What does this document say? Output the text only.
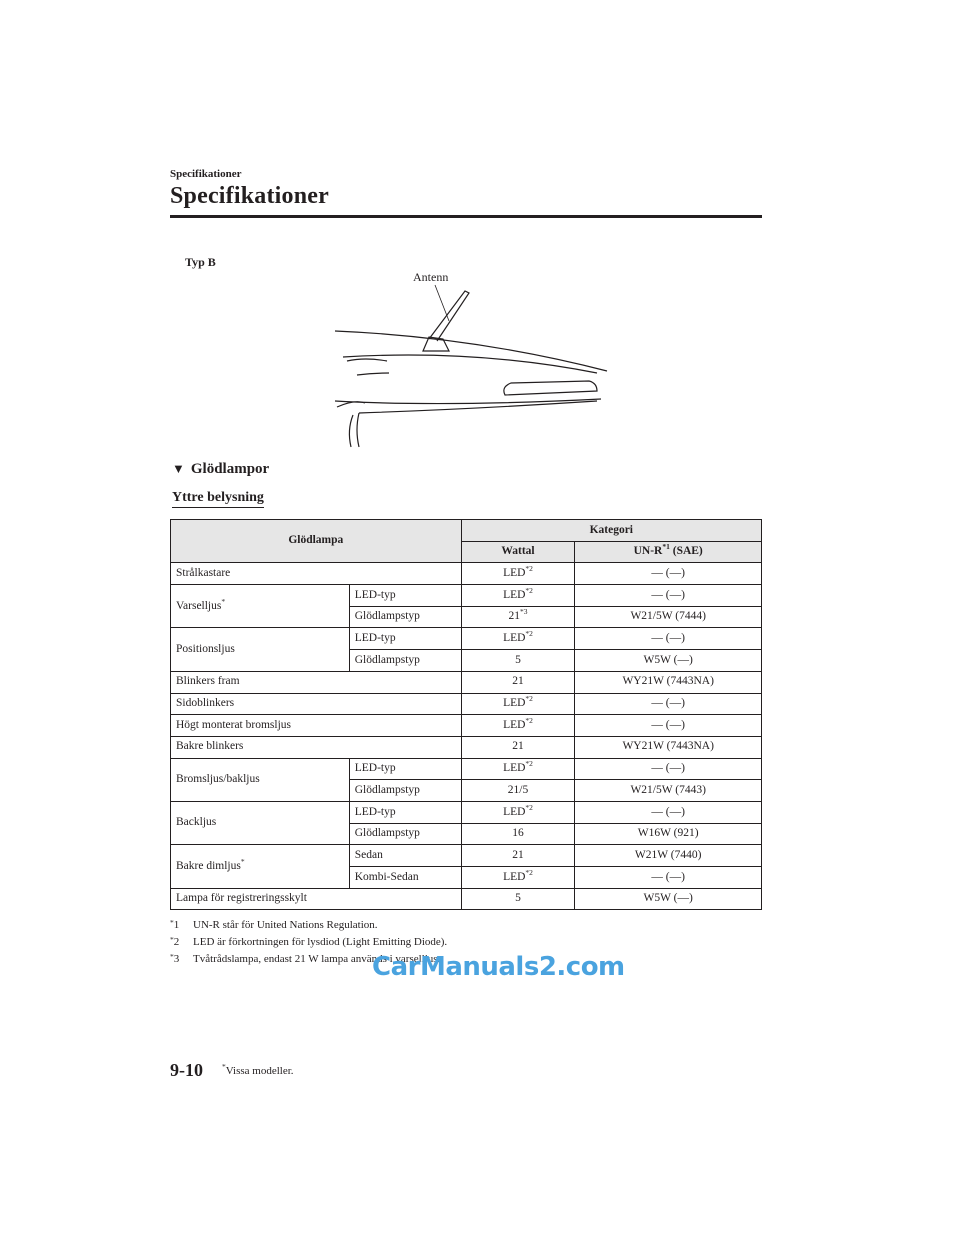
Specifikationer
Specifikationer
Typ B
Antenn
▼ Glödlampor
Yttre belysning
Glödlampa		Kategori	
		Wattal	$UN-R^{*1}$ (SAE)
Strålkastare		LED$^{*2}$	— (—)
Varselljus*	LED-typ	LED$^{*2}$	— (—)
	Glödlampstyp	21$^{*3}$	W21/5W (7444)
Positionsljus	LED-typ	LED$^{*2}$	— (—)
	Glödlampstyp	5	W5W (—)
Blinkers fram		21	WY21W (7443NA)
Sidoblinkers		LED$^{*2}$	— (—)
Högt monterat bromsljus		LED$^{*2}$	— (—)
Bakre blinkers		21	WY21W (7443NA)
Bromsljus/bakljus	LED-typ	LED$^{*2}$	— (—)
	Glödlampstyp	21/5	W21/5W (7443)
Backljus	LED-typ	LED$^{*2}$	— (—)
	Glödlampstyp	16	W16W (921)
Bakre dimljus*	Sedan	21	W21W (7440)
	Kombi-Sedan	LED$^{*2}$	— (—)
Lampa för registreringsskylt		5	W5W (—)
*1 UN-R står för United Nations Regulation.
*2 LED är förkortningen för lysdiod (Light Emitting Diode).
*3 Tvåtrådslampa, endast 21 W lampa används i varselljus.
CarManuals2.com
9-10	*Vissa modeller.
